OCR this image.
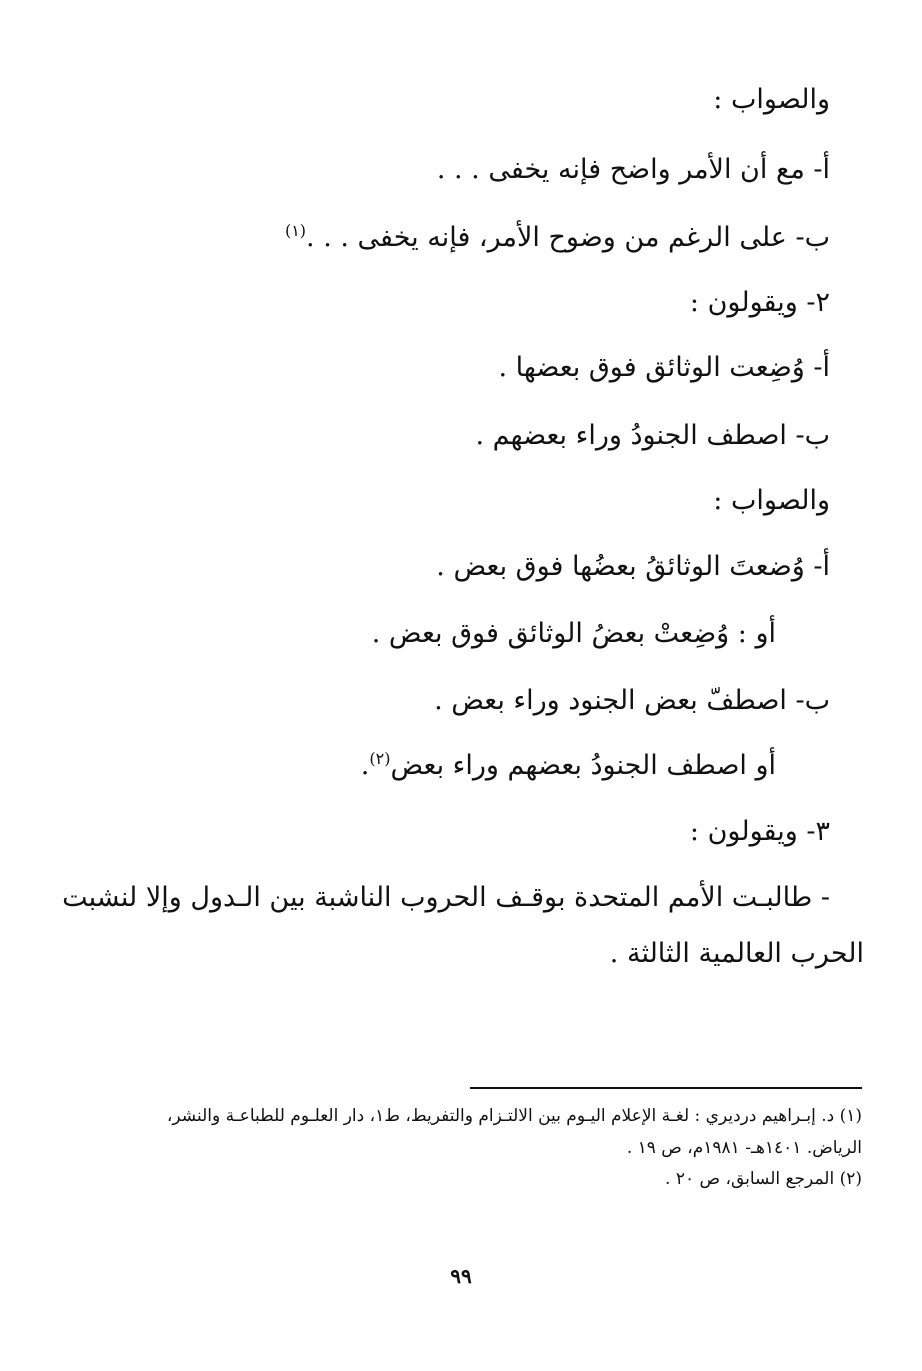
والصواب :
أ- مع أن الأمر واضح فإنه يخفى . . .
ب- على الرغم من وضوح الأمر، فإنه يخفى . . .$^{(١)}$
٢- ويقولون :
أ- وُضِعت الوثائق فوق بعضها .
ب- اصطف الجنودُ وراء بعضهم .
والصواب :
أ- وُضعتَ الوثائقُ بعضُها فوق بعض .
أو : وُضِعتْ بعضُ الوثائق فوق بعض .
ب- اصطفّ بعض الجنود وراء بعض .
أو اصطف الجنودُ بعضهم وراء بعض$^{(٢)}$.
٣- ويقولون :
- طالبـت الأمم المتحدة بوقـف الحروب الناشبة بين الـدول وإلا لنشبت
الحرب العالمية الثالثة .
(١) د. إبـراهيم دردیري : لغـة الإعلام اليـوم بين الالتـزام والتفريط، ط١، دار العلـوم للطباعـة والنشر،
الرياض. ١٤٠١هـ- ١٩٨١م، ص ١٩ .
(٢) المرجع السابق، ص ٢٠ .
٩٩
